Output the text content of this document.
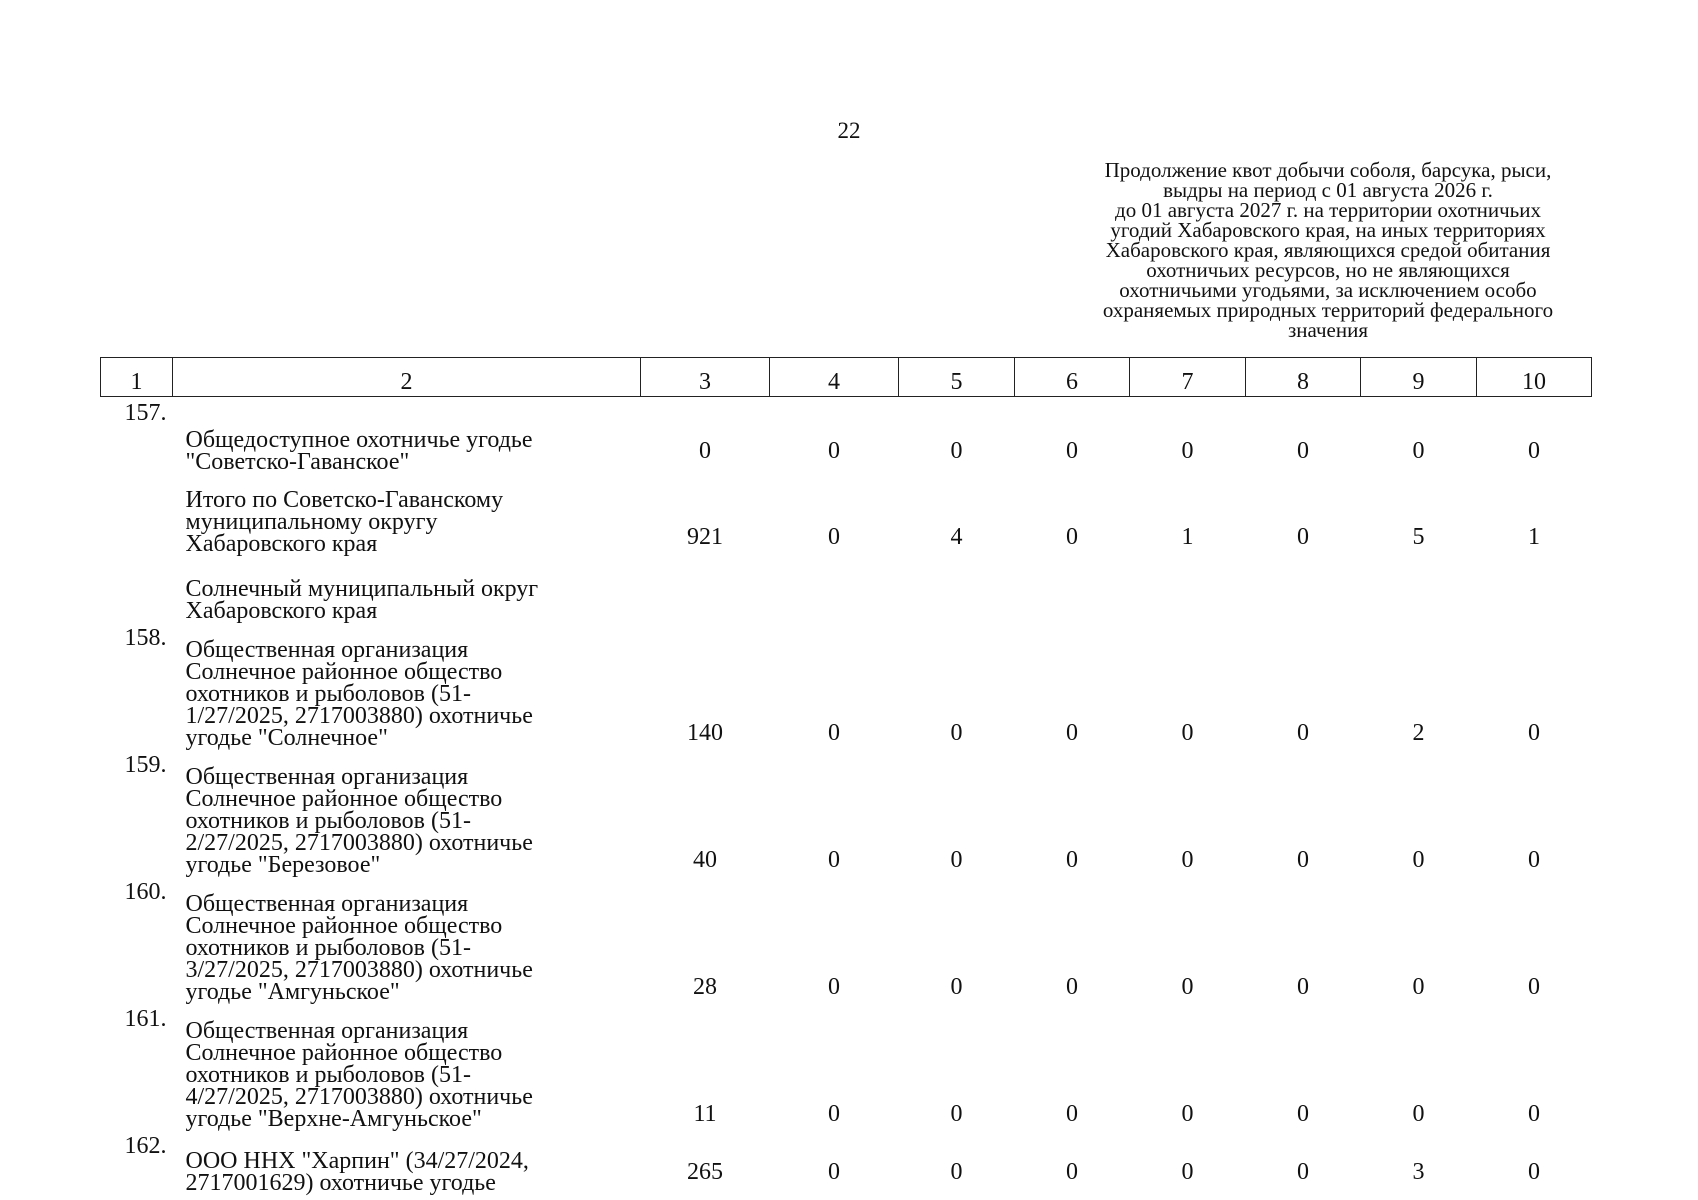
22
Продолжение квот добычи соболя, барсука, рыси,
выдры на период с 01 августа 2026 г.
до 01 августа 2027 г. на территории охотничьих
угодий Хабаровского края, на иных территориях
Хабаровского края, являющихся средой обитания
охотничьих ресурсов, но не являющихся
охотничьими угодьями, за исключением особо
охраняемых природных территорий федерального
значения
1	2	3	4	5	6	7	8	9	10
157.	Общедоступное охотничье угодье
"Советско-Гаванское"	0	0	0	0	0	0	0	0

	Итого по Советско-Гаванскому
муниципальному округу
Хабаровского края	921	0	4	0	1	0	5	1

	Солнечный муниципальный округ
Хабаровского края								

158.	Общественная организация
Солнечное районное общество
охотников и рыболовов (51-
1/27/2025, 2717003880) охотничье
угодье "Солнечное"	140	0	0	0	0	0	2	0
159.	Общественная организация
Солнечное районное общество
охотников и рыболовов (51-
2/27/2025, 2717003880) охотничье
угодье "Березовое"	40	0	0	0	0	0	0	0
160.	Общественная организация
Солнечное районное общество
охотников и рыболовов (51-
3/27/2025, 2717003880) охотничье
угодье "Амгуньское"	28	0	0	0	0	0	0	0
161.	Общественная организация
Солнечное районное общество
охотников и рыболовов (51-
4/27/2025, 2717003880) охотничье
угодье "Верхне-Амгуньское"	11	0	0	0	0	0	0	0
162.	ООО ННХ "Харпин" (34/27/2024,
2717001629) охотничье угодье	265	0	0	0	0	0	3	0
